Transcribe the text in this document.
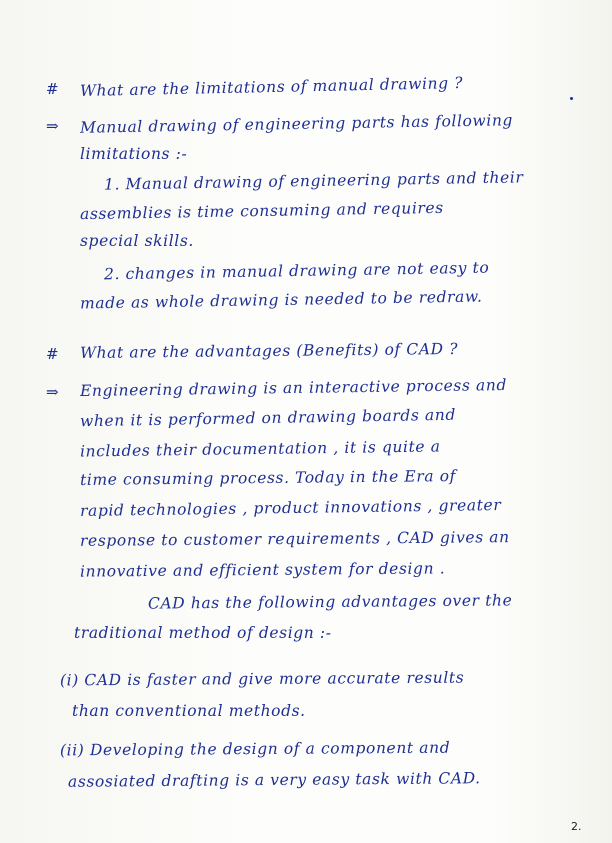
# What are the limitations of manual drawing ?
⇒ Manual drawing of engineering parts has following
limitations :-
1. Manual drawing of engineering parts and their
assemblies is time consuming and requires
special skills.
2. changes in manual drawing are not easy to
made as whole drawing is needed to be redraw.
# What are the advantages (Benefits) of CAD ?
⇒ Engineering drawing is an interactive process and
when it is performed on drawing boards and
includes their documentation , it is quite a
time consuming process. Today in the Era of
rapid technologies , product innovations , greater
response to customer requirements , CAD gives an
innovative and efficient system for design .
CAD has the following advantages over the
traditional method of design :-
(i) CAD is faster and give more accurate results
than conventional methods.
(ii) Developing the design of a component and
assosiated drafting is a very easy task with CAD.
2.
